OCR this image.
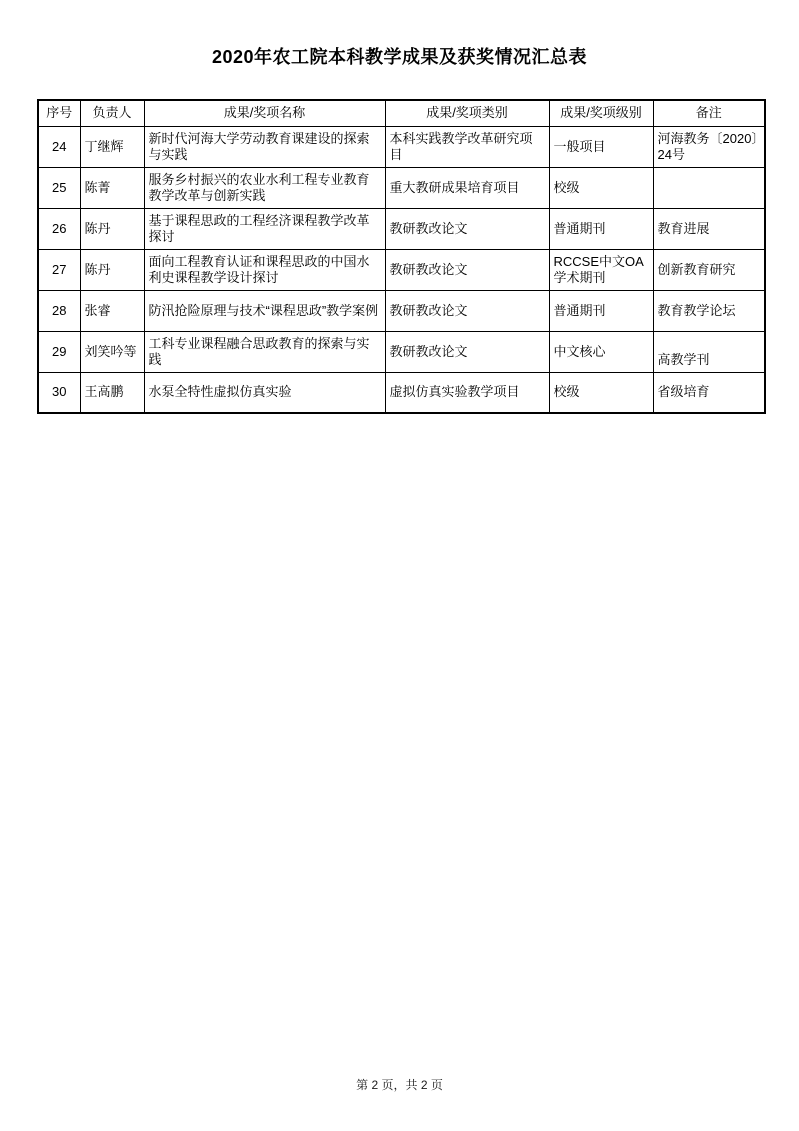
2020年农工院本科教学成果及获奖情况汇总表
序号	负责人	成果/奖项名称	成果/奖项类别	成果/奖项级别	备注
24	丁继辉	新时代河海大学劳动教育课建设的探索与实践	本科实践教学改革研究项目	一般项目	河海教务〔2020〕24号
25	陈菁	服务乡村振兴的农业水利工程专业教育教学改革与创新实践	重大教研成果培育项目	校级	
26	陈丹	基于课程思政的工程经济课程教学改革探讨	教研教改论文	普通期刊	教育进展
27	陈丹	面向工程教育认证和课程思政的中国水利史课程教学设计探讨	教研教改论文	RCCSE中文OA学术期刊	创新教育研究
28	张睿	防汛抢险原理与技术“课程思政”教学案例	教研教改论文	普通期刊	教育教学论坛
29	刘笑吟等	工科专业课程融合思政教育的探索与实践	教研教改论文	中文核心	高教学刊
30	王高鹏	水泵全特性虚拟仿真实验	虚拟仿真实验教学项目	校级	省级培育
第 2 页，共 2 页
